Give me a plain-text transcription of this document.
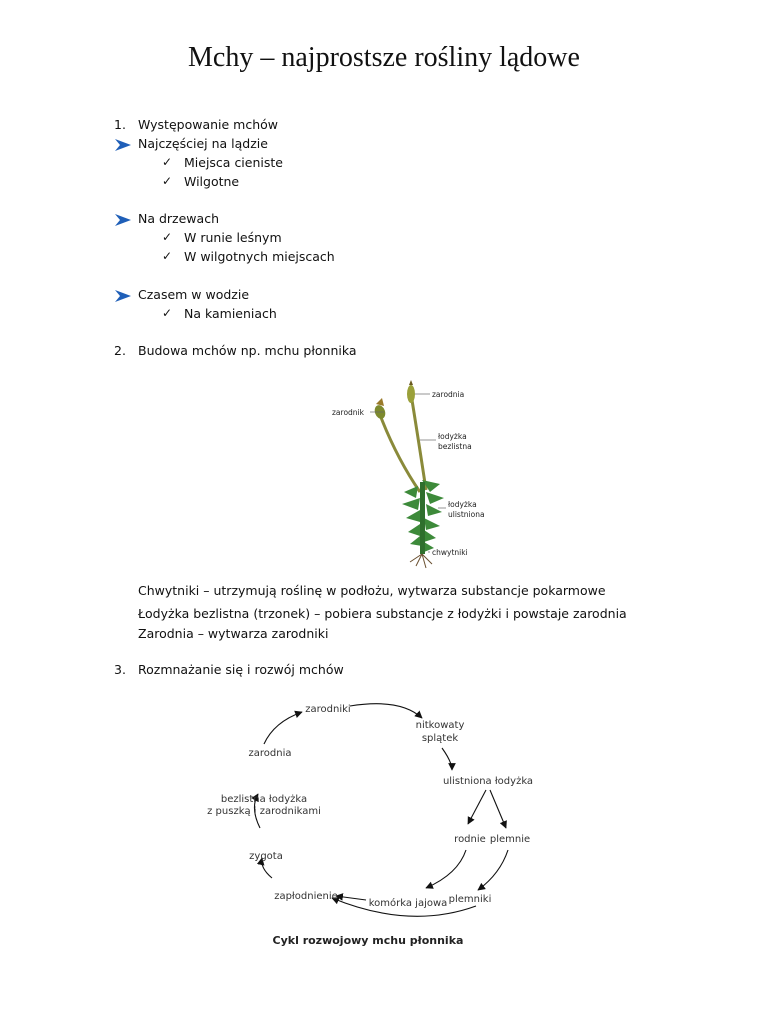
Mchy – najprostsze rośliny lądowe
1. Występowanie mchów
Najczęściej na lądzie
✓ Miejsca cieniste
✓ Wilgotne
Na drzewach
✓ W runie leśnym
✓ W wilgotnych miejscach
Czasem w wodzie
✓ Na kamieniach
2. Budowa mchów np. mchu płonnika
zarodnia
zarodnik
łodyżka
bezlistna
łodyżka
ulistniona
chwytniki
Chwytniki – utrzymują roślinę w podłożu, wytwarza substancje pokarmowe
Łodyżka bezlistna (trzonek) – pobiera substancje z łodyżki i powstaje zarodnia
Zarodnia – wytwarza zarodniki
3. Rozmnażanie się i rozwój mchów
zarodniki
nitkowaty
splątek
ulistniona łodyżka
rodnie plemnie
plemniki
komórka jajowa
zapłodnienie
zygota
bezlistna łodyżka
z puszką i zarodnikami
zarodnia
Cykl rozwojowy mchu płonnika
